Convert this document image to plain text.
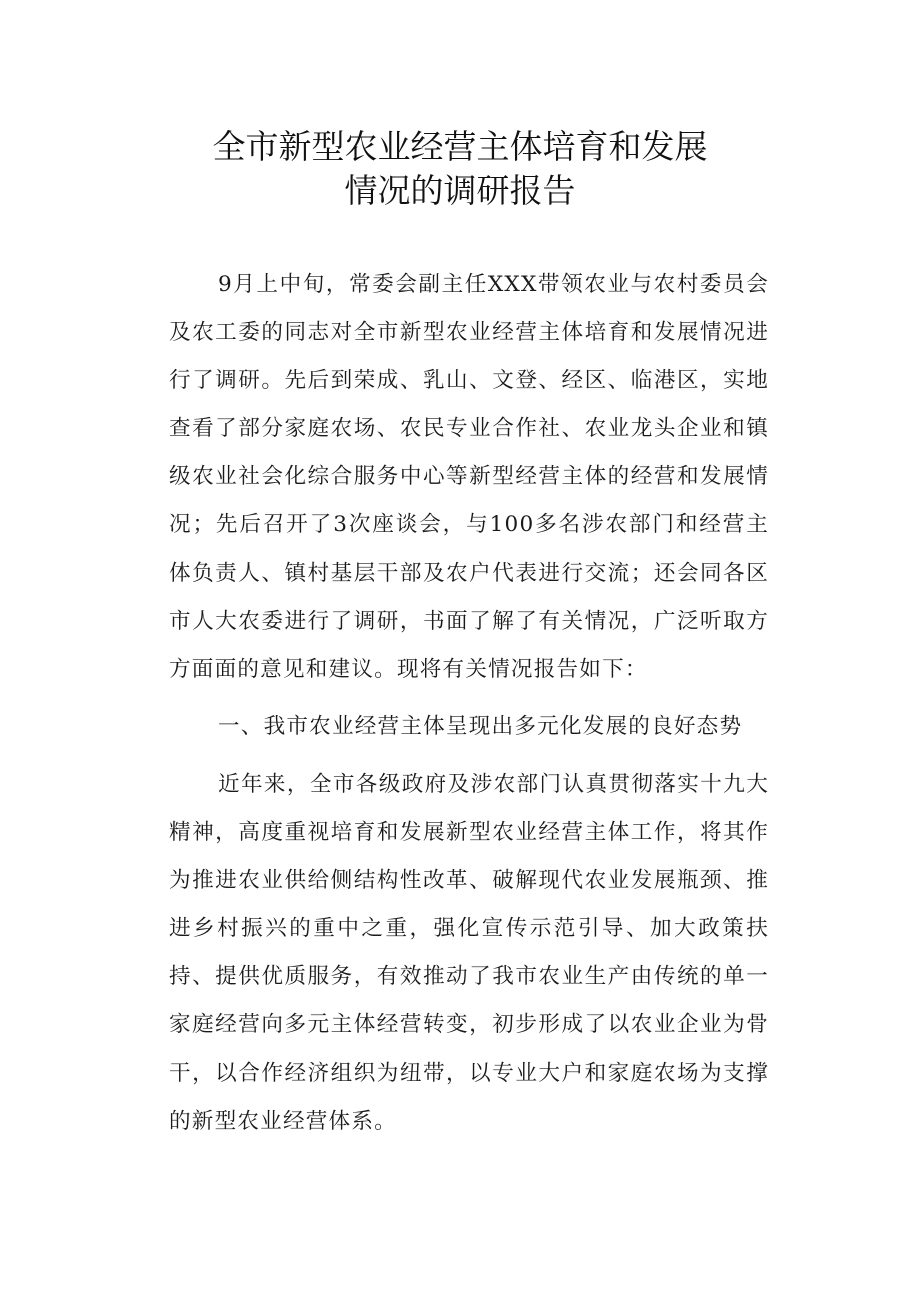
全市新型农业经营主体培育和发展
情况的调研报告

9月上中旬，常委会副主任XXX带领农业与农村委员会及农工委的同志对全市新型农业经营主体培育和发展情况进行了调研。先后到荣成、乳山、文登、经区、临港区，实地查看了部分家庭农场、农民专业合作社、农业龙头企业和镇级农业社会化综合服务中心等新型经营主体的经营和发展情况；先后召开了3次座谈会，与100多名涉农部门和经营主体负责人、镇村基层干部及农户代表进行交流；还会同各区市人大农委进行了调研，书面了解了有关情况，广泛听取方方面面的意见和建议。现将有关情况报告如下：

一、我市农业经营主体呈现出多元化发展的良好态势

近年来，全市各级政府及涉农部门认真贯彻落实十九大精神，高度重视培育和发展新型农业经营主体工作，将其作为推进农业供给侧结构性改革、破解现代农业发展瓶颈、推进乡村振兴的重中之重，强化宣传示范引导、加大政策扶持、提供优质服务，有效推动了我市农业生产由传统的单一家庭经营向多元主体经营转变，初步形成了以农业企业为骨干，以合作经济组织为纽带，以专业大户和家庭农场为支撑的新型农业经营体系。
